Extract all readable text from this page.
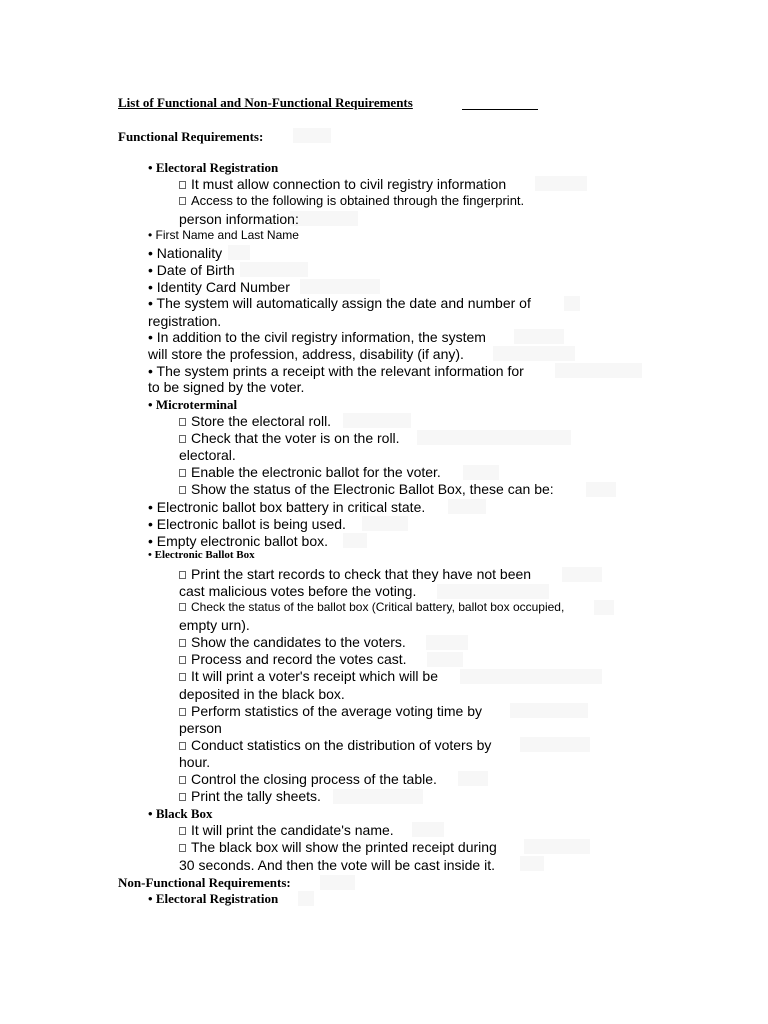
List of Functional and Non-Functional Requirements
Functional Requirements:
• Electoral Registration
It must allow connection to civil registry information
Access to the following is obtained through the fingerprint.
person information:
• First Name and Last Name
• Nationality
• Date of Birth
• Identity Card Number
• The system will automatically assign the date and number of
registration.
• In addition to the civil registry information, the system
will store the profession, address, disability (if any).
• The system prints a receipt with the relevant information for
to be signed by the voter.
• Microterminal
Store the electoral roll.
Check that the voter is on the roll.
electoral.
Enable the electronic ballot for the voter.
Show the status of the Electronic Ballot Box, these can be:
• Electronic ballot box battery in critical state.
• Electronic ballot is being used.
• Empty electronic ballot box.
• Electronic Ballot Box
Print the start records to check that they have not been
cast malicious votes before the voting.
Check the status of the ballot box (Critical battery, ballot box occupied,
empty urn).
Show the candidates to the voters.
Process and record the votes cast.
It will print a voter's receipt which will be
deposited in the black box.
Perform statistics of the average voting time by
person
Conduct statistics on the distribution of voters by
hour.
Control the closing process of the table.
Print the tally sheets.
• Black Box
It will print the candidate's name.
The black box will show the printed receipt during
30 seconds. And then the vote will be cast inside it.
Non-Functional Requirements:
• Electoral Registration
